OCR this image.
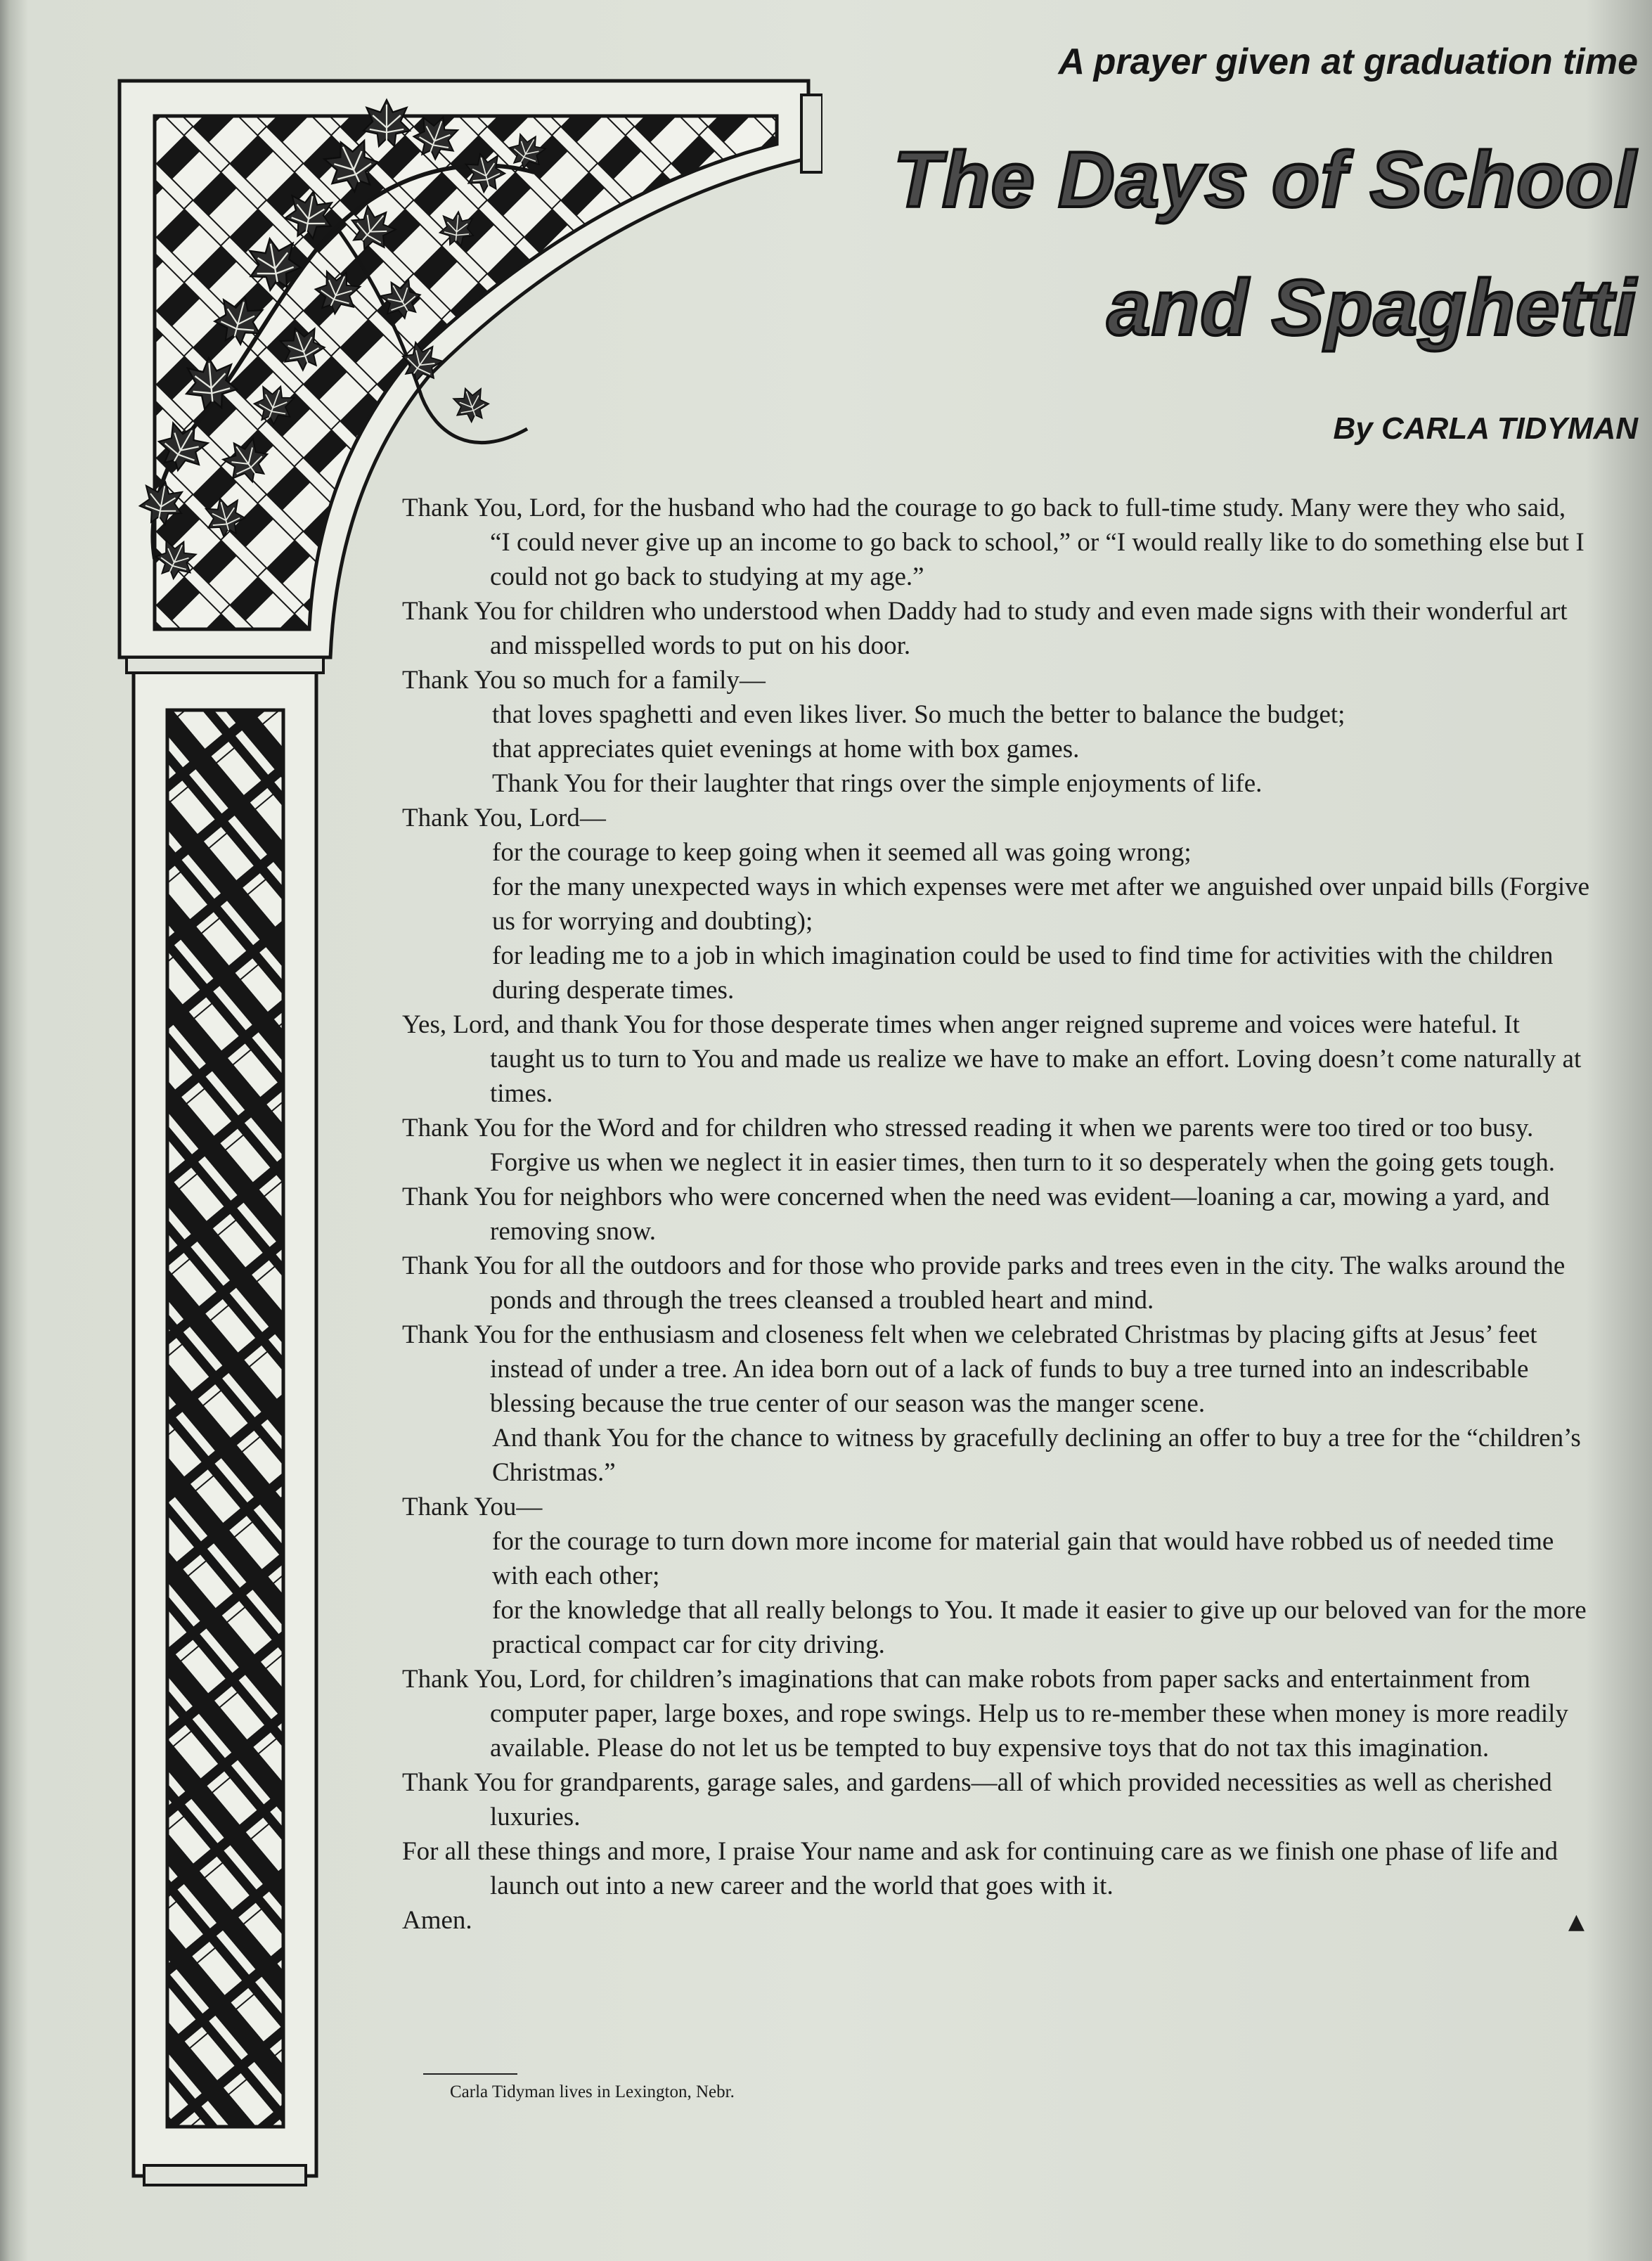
A prayer given at graduation time
The Days of School
and Spaghetti
By CARLA TIDYMAN

Thank You, Lord, for the husband who had the courage to go back to full-time study. Many were they who said, “I could never give up an income to go back to school,” or “I would really like to do something else but I could not go back to studying at my age.”

Thank You for children who understood when Daddy had to study and even made signs with their wonderful art and misspelled words to put on his door.

Thank You so much for a family—

that loves spaghetti and even likes liver. So much the better to balance the budget;

that appreciates quiet evenings at home with box games.

Thank You for their laughter that rings over the simple enjoyments of life.

Thank You, Lord—

for the courage to keep going when it seemed all was going wrong;

for the many unexpected ways in which expenses were met after we anguished over unpaid bills (Forgive us for worrying and doubting);

for leading me to a job in which imagination could be used to find time for activities with the children during desperate times.

Yes, Lord, and thank You for those desperate times when anger reigned supreme and voices were hateful. It taught us to turn to You and made us realize we have to make an effort. Loving doesn’t come naturally at times.

Thank You for the Word and for children who stressed reading it when we parents were too tired or too busy. Forgive us when we neglect it in easier times, then turn to it so desperately when the going gets tough.

Thank You for neighbors who were concerned when the need was evident—loaning a car, mowing a yard, and removing snow.

Thank You for all the outdoors and for those who provide parks and trees even in the city. The walks around the ponds and through the trees cleansed a troubled heart and mind.

Thank You for the enthusiasm and closeness felt when we celebrated Christmas by placing gifts at Jesus’ feet instead of under a tree. An idea born out of a lack of funds to buy a tree turned into an indescribable blessing because the true center of our season was the manger scene.

And thank You for the chance to witness by gracefully declining an offer to buy a tree for the “children’s Christmas.”

Thank You—

for the courage to turn down more income for material gain that would have robbed us of needed time with each other;

for the knowledge that all really belongs to You. It made it easier to give up our beloved van for the more practical compact car for city driving.

Thank You, Lord, for children’s imaginations that can make robots from paper sacks and entertainment from computer paper, large boxes, and rope swings. Help us to re-member these when money is more readily available. Please do not let us be tempted to buy expensive toys that do not tax this imagination.

Thank You for grandparents, garage sales, and gardens—all of which provided necessities as well as cherished luxuries.

For all these things and more, I praise Your name and ask for continuing care as we finish one phase of life and launch out into a new career and the world that goes with it.

Amen.	▲
Carla Tidyman lives in Lexington, Nebr.
